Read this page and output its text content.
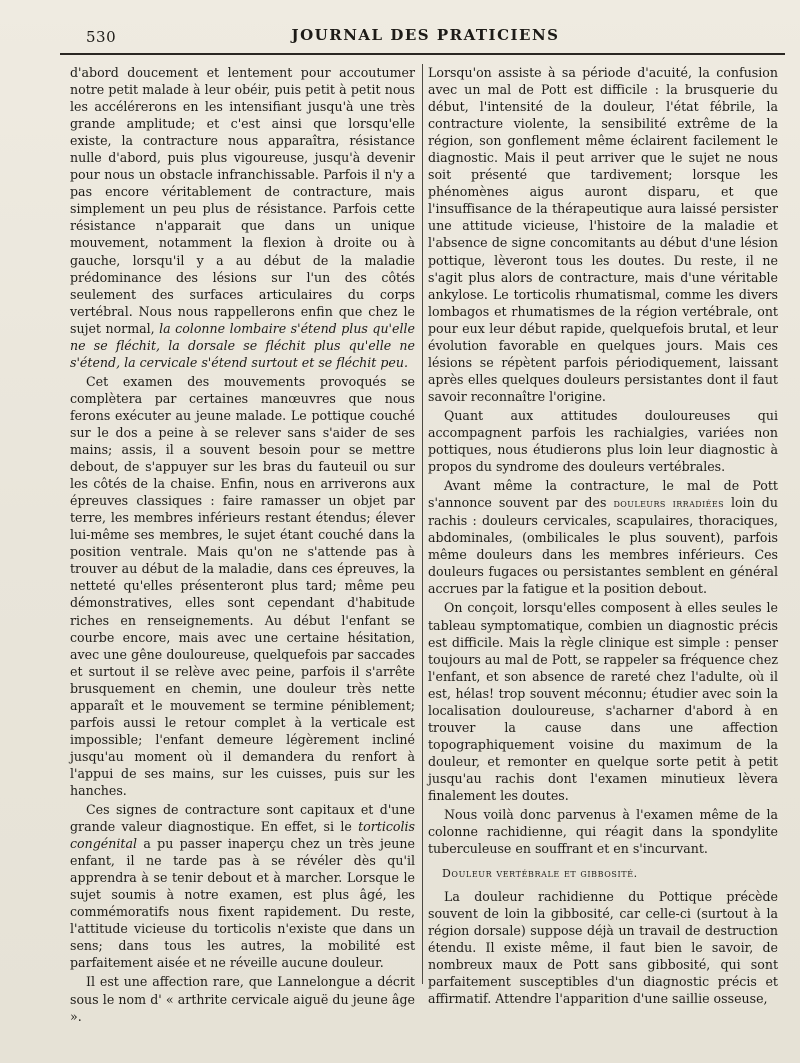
530	JOURNAL DES PRATICIENS

d'abord doucement et lentement pour accoutumer notre petit malade à leur obéir, puis petit à petit nous les accélérerons en les intensifiant jusqu'à une très grande amplitude; et c'est ainsi que lorsqu'elle existe, la contracture nous apparaîtra, résistance nulle d'abord, puis plus vigoureuse, jusqu'à devenir pour nous un obstacle infranchissable. Parfois il n'y a pas encore véritablement de contracture, mais simplement un peu plus de résistance. Parfois cette résistance n'apparait que dans un unique mouvement, notamment la flexion à droite ou à gauche, lorsqu'il y a au début de la maladie prédominance des lésions sur l'un des côtés seulement des surfaces articulaires du corps vertébral. Nous nous rappellerons enfin que chez le sujet normal, la colonne lombaire s'étend plus qu'elle ne se fléchit, la dorsale se fléchit plus qu'elle ne s'étend, la cervicale s'étend surtout et se fléchit peu.

Cet examen des mouvements provoqués se complètera par certaines manœuvres que nous ferons exécuter au jeune malade. Le pottique couché sur le dos a peine à se relever sans s'aider de ses mains; assis, il a souvent besoin pour se mettre debout, de s'appuyer sur les bras du fauteuil ou sur les côtés de la chaise. Enfin, nous en arriverons aux épreuves classiques : faire ramasser un objet par terre, les membres inférieurs restant étendus; élever lui-même ses membres, le sujet étant couché dans la position ventrale. Mais qu'on ne s'attende pas à trouver au début de la maladie, dans ces épreuves, la netteté qu'elles présenteront plus tard; même peu démonstratives, elles sont cependant d'habitude riches en renseignements. Au début l'enfant se courbe encore, mais avec une certaine hésitation, avec une gêne douloureuse, quelquefois par saccades et surtout il se relève avec peine, parfois il s'arrête brusquement en chemin, une douleur très nette apparaît et le mouvement se termine péniblement; parfois aussi le retour complet à la verticale est impossible; l'enfant demeure légèrement incliné jusqu'au moment où il demandera du renfort à l'appui de ses mains, sur les cuisses, puis sur les hanches.

Ces signes de contracture sont capitaux et d'une grande valeur diagnostique. En effet, si le torticolis congénital a pu passer inaperçu chez un très jeune enfant, il ne tarde pas à se révéler dès qu'il apprendra à se tenir debout et à marcher. Lorsque le sujet soumis à notre examen, est plus âgé, les commémoratifs nous fixent rapidement. Du reste, l'attitude vicieuse du torticolis n'existe que dans un sens; dans tous les autres, la mobilité est parfaitement aisée et ne réveille aucune douleur.

Il est une affection rare, que Lannelongue a décrit sous le nom d' « arthrite cervicale aiguë du jeune âge ».

Lorsqu'on assiste à sa période d'acuité, la confusion avec un mal de Pott est difficile : la brusquerie du début, l'intensité de la douleur, l'état fébrile, la contracture violente, la sensibilité extrême de la région, son gonflement même éclairent facilement le diagnostic. Mais il peut arriver que le sujet ne nous soit présenté que tardivement; lorsque les phénomènes aigus auront disparu, et que l'insuffisance de la thérapeutique aura laissé persister une attitude vicieuse, l'histoire de la maladie et l'absence de signe concomitants au début d'une lésion pottique, lèveront tous les doutes. Du reste, il ne s'agit plus alors de contracture, mais d'une véritable ankylose. Le torticolis rhumatismal, comme les divers lombagos et rhumatismes de la région vertébrale, ont pour eux leur début rapide, quelquefois brutal, et leur évolution favorable en quelques jours. Mais ces lésions se répètent parfois périodiquement, laissant après elles quelques douleurs persistantes dont il faut savoir reconnaître l'origine.

Quant aux attitudes douloureuses qui accompagnent parfois les rachialgies, variées non pottiques, nous étudierons plus loin leur diagnostic à propos du syndrome des douleurs vertébrales.

Avant même la contracture, le mal de Pott s'annonce souvent par des douleurs irradiées loin du rachis : douleurs cervicales, scapulaires, thoraciques, abdominales, (ombilicales le plus souvent), parfois même douleurs dans les membres inférieurs. Ces douleurs fugaces ou persistantes semblent en général accrues par la fatigue et la position debout.

On conçoit, lorsqu'elles composent à elles seules le tableau symptomatique, combien un diagnostic précis est difficile. Mais la règle clinique est simple : penser toujours au mal de Pott, se rappeler sa fréquence chez l'enfant, et son absence de rareté chez l'adulte, où il est, hélas! trop souvent méconnu; étudier avec soin la localisation douloureuse, s'acharner d'abord à en trouver la cause dans une affection topographiquement voisine du maximum de la douleur, et remonter en quelque sorte petit à petit jusqu'au rachis dont l'examen minutieux lèvera finalement les doutes.

Nous voilà donc parvenus à l'examen même de la colonne rachidienne, qui réagit dans la spondylite tuberculeuse en souffrant et en s'incurvant.

Douleur vertébrale et gibbosité.

La douleur rachidienne du Pottique précède souvent de loin la gibbosité, car celle-ci (surtout à la région dorsale) suppose déjà un travail de destruction étendu. Il existe même, il faut bien le savoir, de nombreux maux de Pott sans gibbosité, qui sont parfaitement susceptibles d'un diagnostic précis et affirmatif. Attendre l'apparition d'une saillie osseuse,
